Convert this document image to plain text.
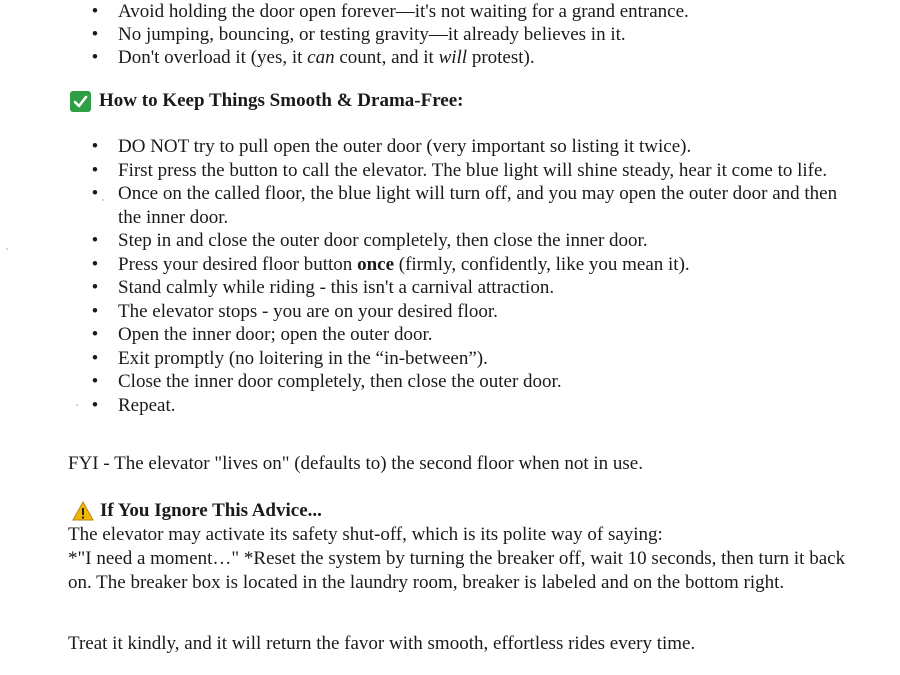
• Avoid holding the door open forever—it's not waiting for a grand entrance.
• No jumping, bouncing, or testing gravity—it already believes in it.
• Don't overload it (yes, it can count, and it will protest).
How to Keep Things Smooth & Drama-Free:
• DO NOT try to pull open the outer door (very important so listing it twice).
• First press the button to call the elevator. The blue light will shine steady, hear it come to life.
• Once on the called floor, the blue light will turn off, and you may open the outer door and then the inner door.
• Step in and close the outer door completely, then close the inner door.
• Press your desired floor button once (firmly, confidently, like you mean it).
• Stand calmly while riding - this isn't a carnival attraction.
• The elevator stops - you are on your desired floor.
• Open the inner door; open the outer door.
• Exit promptly (no loitering in the “in-between”).
• Close the inner door completely, then close the outer door.
• Repeat.
FYI - The elevator "lives on" (defaults to) the second floor when not in use.
If You Ignore This Advice...
The elevator may activate its safety shut-off, which is its polite way of saying:
*"I need a moment…" *Reset the system by turning the breaker off, wait 10 seconds, then turn it back on. The breaker box is located in the laundry room, breaker is labeled and on the bottom right.
Treat it kindly, and it will return the favor with smooth, effortless rides every time.
